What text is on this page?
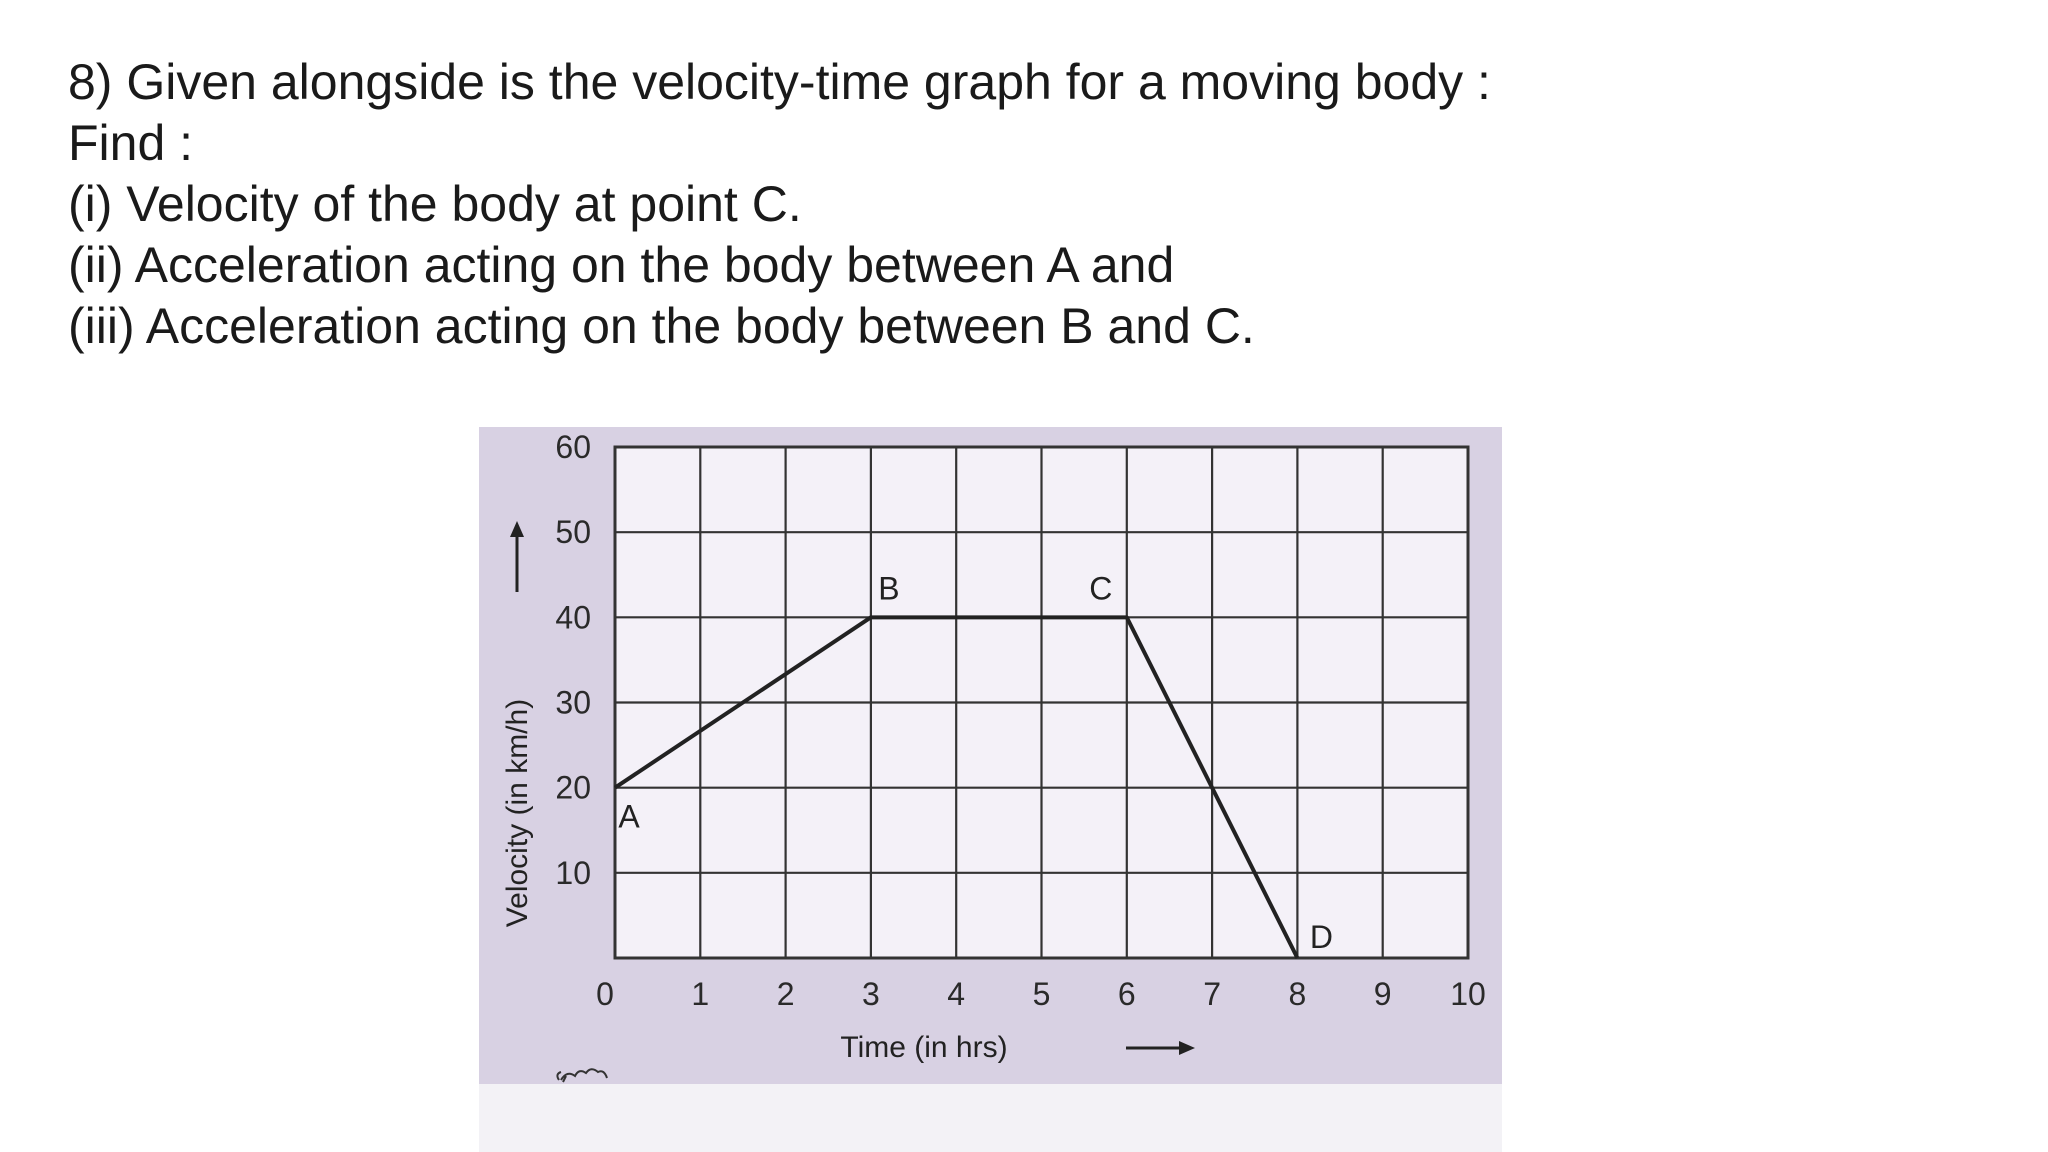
8) Given alongside is the velocity-time graph for a moving body :
Find :
(i) Velocity of the body at point C.
(ii) Acceleration acting on the body between A and
(iii) Acceleration acting on the body between B and C.
0 1 2 3 4 5 6 7 8 9 10
10
20
30
40
50
60
A
B	C
D
Velocity (in km/h)
Time (in hrs)
